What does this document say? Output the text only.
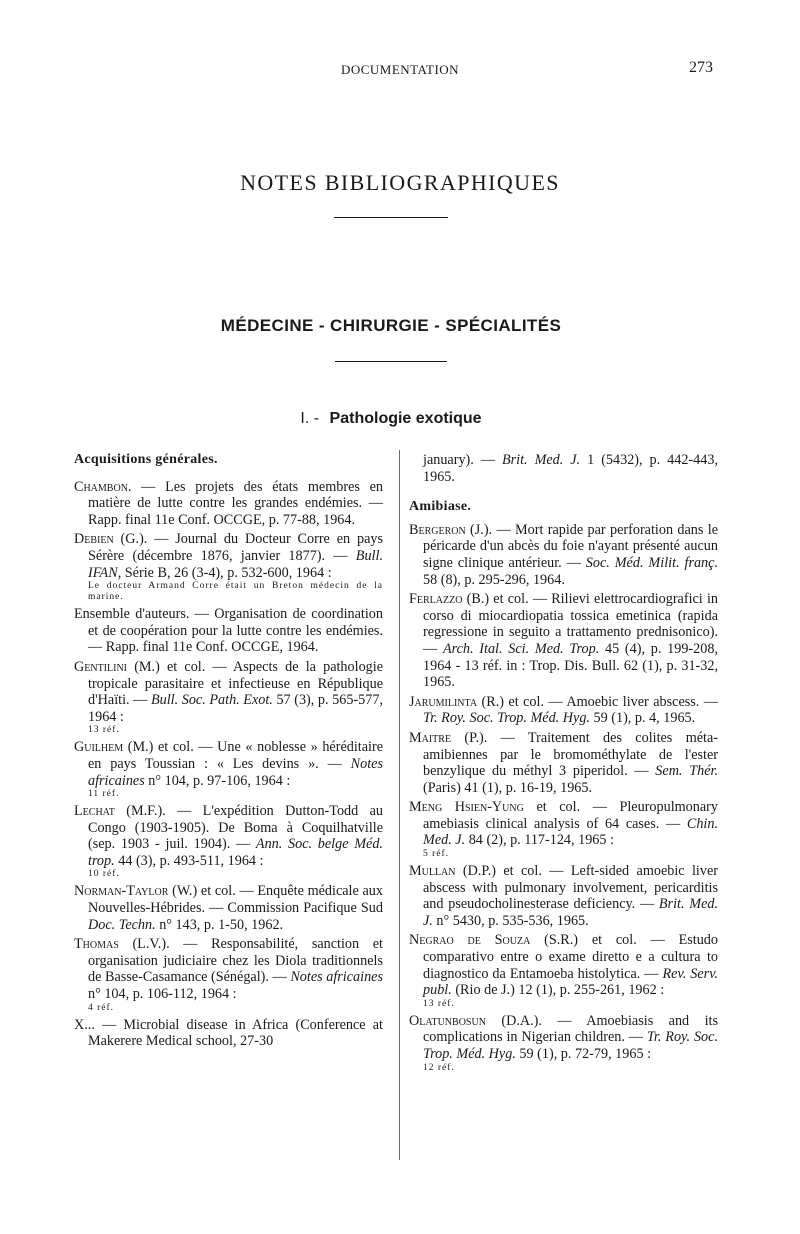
DOCUMENTATION	273
NOTES BIBLIOGRAPHIQUES
MÉDECINE - CHIRURGIE - SPÉCIALITÉS
I. - Pathologie exotique
Acquisitions générales.
Chambon. — Les projets des états membres en matière de lutte contre les grandes endémies. — Rapp. final 11e Conf. OCCGE, p. 77-88, 1964.
Debien (G.). — Journal du Docteur Corre en pays Sérère (décembre 1876, janvier 1877). — Bull. IFAN, Série B, 26 (3-4), p. 532-600, 1964 :
Le docteur Armand Corre était un Breton médecin de la marine.
Ensemble d'auteurs. — Organisation de coordination et de coopération pour la lutte contre les endémies. — Rapp. final 11e Conf. OCCGE, 1964.
Gentilini (M.) et col. — Aspects de la pathologie tropicale parasitaire et infectieuse en République d'Haïti. — Bull. Soc. Path. Exot. 57 (3), p. 565-577, 1964 :
13 réf.
Guilhem (M.) et col. — Une « noblesse » héréditaire en pays Toussian : « Les devins ». — Notes africaines n° 104, p. 97-106, 1964 :
11 réf.
Lechat (M.F.). — L'expédition Dutton-Todd au Congo (1903-1905). De Boma à Coquilhatville (sep. 1903 - juil. 1904). — Ann. Soc. belge Méd. trop. 44 (3), p. 493-511, 1964 :
10 réf.
Norman-Taylor (W.) et col. — Enquête médicale aux Nouvelles-Hébrides. — Commission Pacifique Sud Doc. Techn. n° 143, p. 1-50, 1962.
Thomas (L.V.). — Responsabilité, sanction et organisation judiciaire chez les Diola traditionnels de Basse-Casamance (Sénégal). — Notes africaines n° 104, p. 106-112, 1964 :
4 réf.
X... — Microbial disease in Africa (Conference at Makerere Medical school, 27-30
january). — Brit. Med. J. 1 (5432), p. 442-443, 1965.
Amibiase.
Bergeron (J.). — Mort rapide par perforation dans le péricarde d'un abcès du foie n'ayant présenté aucun signe clinique antérieur. — Soc. Méd. Milit. franç. 58 (8), p. 295-296, 1964.
Ferlazzo (B.) et col. — Rilievi elettrocardiografici in corso di miocardiopatia tossica emetinica (rapida regressione in seguito a trattamento prednisonico). — Arch. Ital. Sci. Med. Trop. 45 (4), p. 199-208, 1964 - 13 réf. in : Trop. Dis. Bull. 62 (1), p. 31-32, 1965.
Jarumilinta (R.) et col. — Amoebic liver abscess. — Tr. Roy. Soc. Trop. Méd. Hyg. 59 (1), p. 4, 1965.
Maitre (P.). — Traitement des colites méta-amibiennes par le bromométhylate de l'ester benzylique du méthyl 3 piperidol. — Sem. Thér. (Paris) 41 (1), p. 16-19, 1965.
Meng Hsien-Yung et col. — Pleuropulmonary amebiasis clinical analysis of 64 cases. — Chin. Med. J. 84 (2), p. 117-124, 1965 :
5 réf.
Mullan (D.P.) et col. — Left-sided amoebic liver abscess with pulmonary involvement, pericarditis and pseudocholinesterase deficiency. — Brit. Med. J. n° 5430, p. 535-536, 1965.
Negrao de Souza (S.R.) et col. — Estudo comparativo entre o exame diretto e a cultura to diagnostico da Entamoeba histolytica. — Rev. Serv. publ. (Rio de J.) 12 (1), p. 255-261, 1962 :
13 réf.
Olatunbosun (D.A.). — Amoebiasis and its complications in Nigerian children. — Tr. Roy. Soc. Trop. Méd. Hyg. 59 (1), p. 72-79, 1965 :
12 réf.
